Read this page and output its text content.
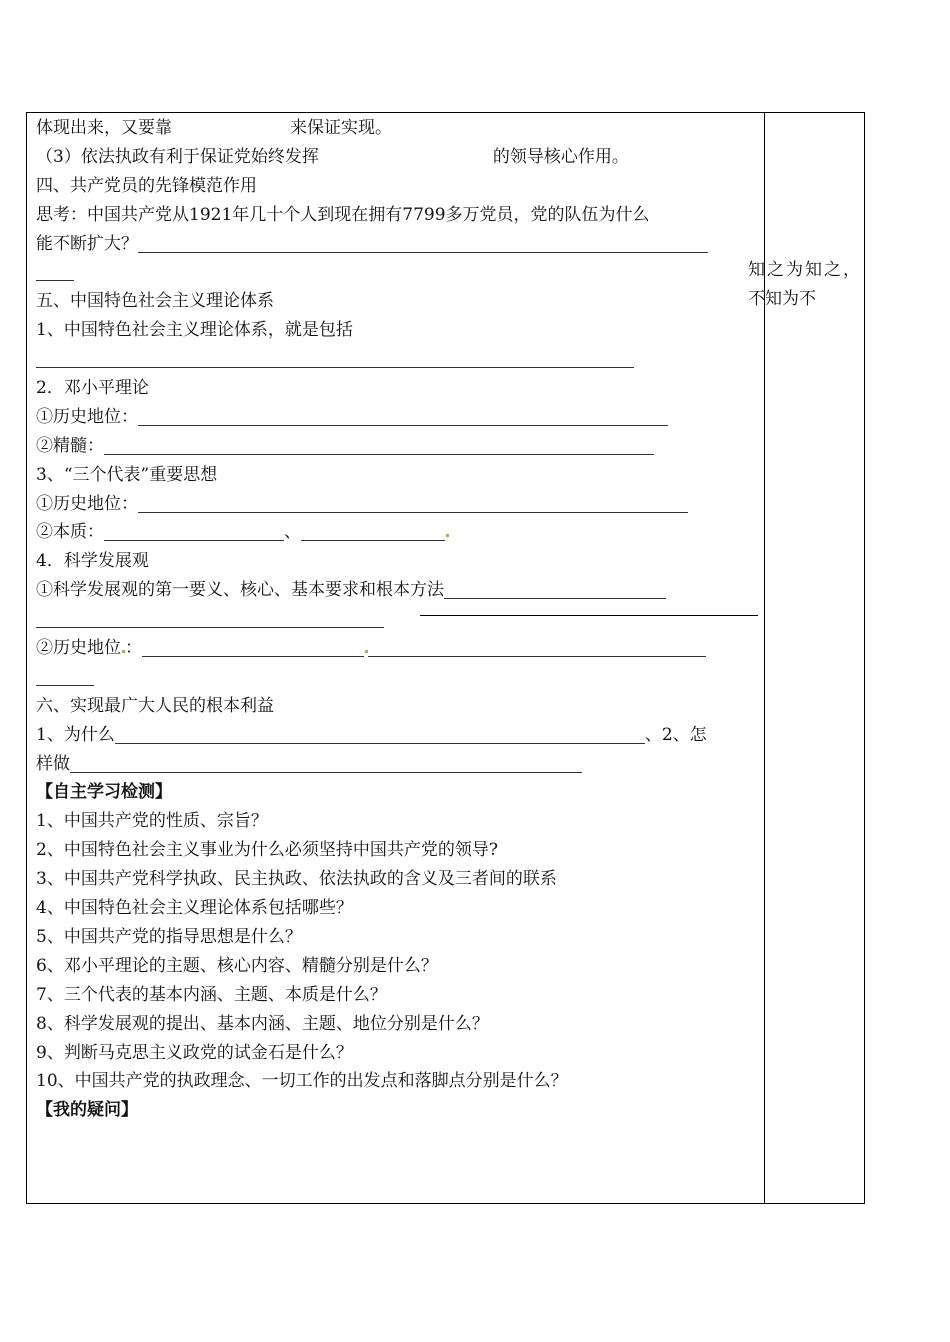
体现出来，又要靠	来保证实现。
（3）依法执政有利于保证党始终发挥	的领导核心作用。
四、共产党员的先锋模范作用
思考：中国共产党从1921年几十个人到现在拥有7799多万党员，党的队伍为什么
能不断扩大？
五、中国特色社会主义理论体系
1、中国特色社会主义理论体系，就是包括
2．邓小平理论
①历史地位：
②精髓：
3、“三个代表”重要思想
①历史地位：
②本质：	、
4．科学发展观
①科学发展观的第一要义、核心、基本要求和根本方法
②历史地位 ：
六、实现最广大人民的根本利益
1、为什么	、2、怎
样做
【自主学习检测】
1、中国共产党的性质、宗旨？
2、中国特色社会主义事业为什么必须坚持中国共产党的领导?
3、中国共产党科学执政、民主执政、依法执政的含义及三者间的联系
4、中国特色社会主义理论体系包括哪些？
5、中国共产党的指导思想是什么？
6、邓小平理论的主题、核心内容、精髓分别是什么？
7、三个代表的基本内涵、主题、本质是什么？
8、科学发展观的提出、基本内涵、主题、地位分别是什么？
9、判断马克思主义政党的试金石是什么？
10、中国共产党的执政理念、一切工作的出发点和落脚点分别是什么？
【我的疑问】
知之为知之，不知为不
